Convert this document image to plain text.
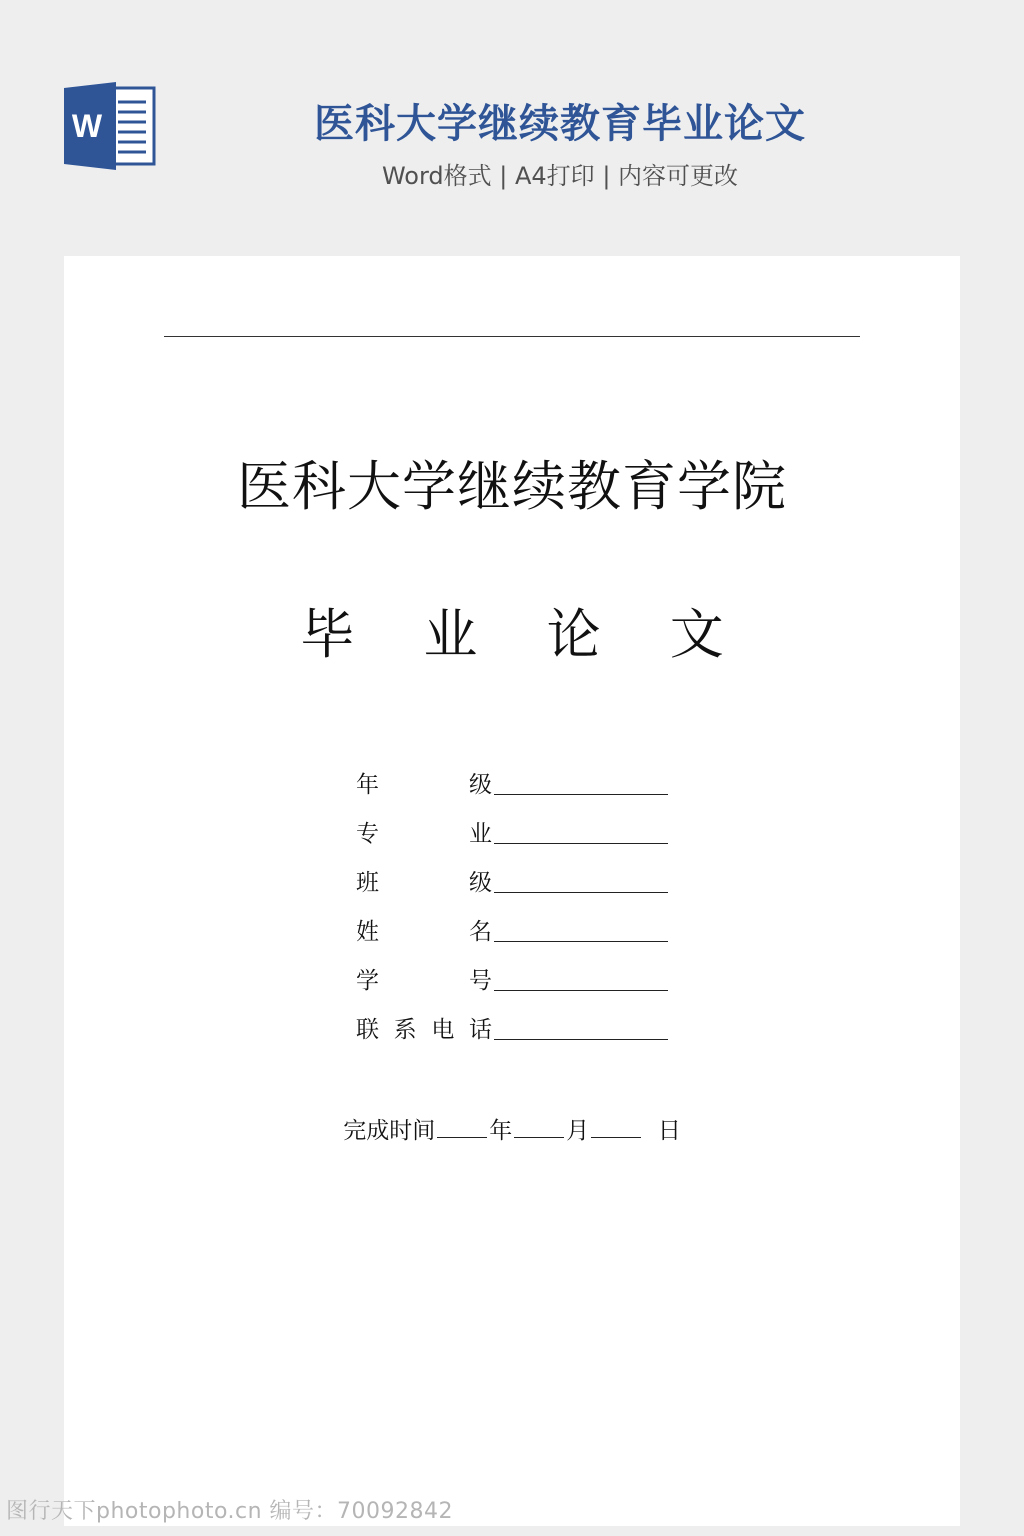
W	医科大学继续教育毕业论文
Word格式 | A4打印 | 内容可更改
医科大学继续教育学院
毕 业 论 文
年	级
专	业
班	级
姓	名
学	号
联 系 电 话
完成时间 年 月	日
图行天下photophoto.cn 编号：70092842
